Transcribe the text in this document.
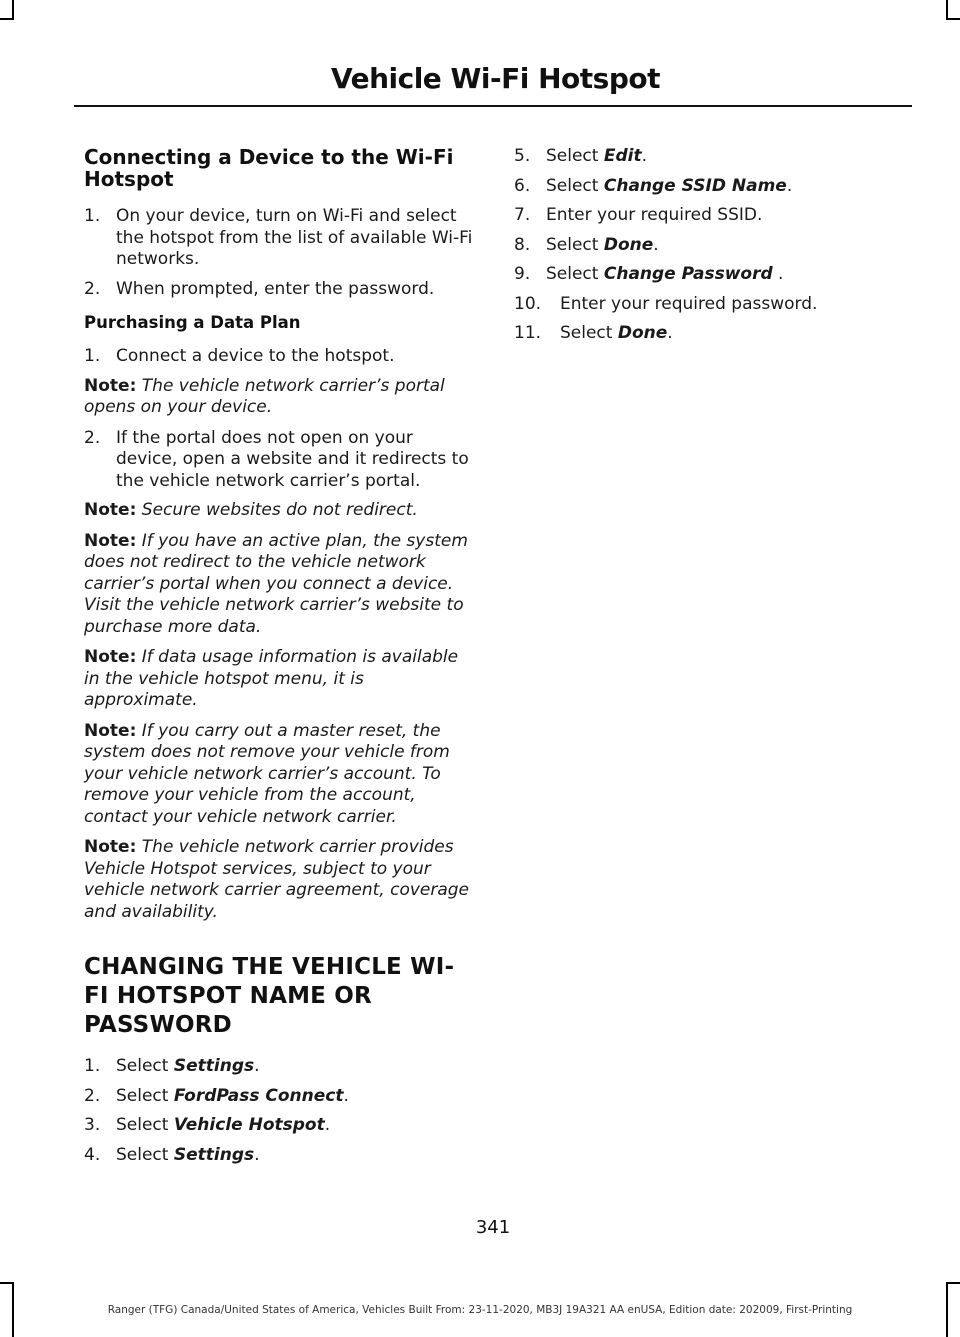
Vehicle Wi-Fi Hotspot
Connecting a Device to the Wi-Fi Hotspot
1. On your device, turn on Wi-Fi and select the hotspot from the list of available Wi-Fi networks.
2. When prompted, enter the password.
Purchasing a Data Plan
1. Connect a device to the hotspot.
Note: The vehicle network carrier’s portal opens on your device.
2. If the portal does not open on your device, open a website and it redirects to the vehicle network carrier’s portal.
Note: Secure websites do not redirect.
Note: If you have an active plan, the system does not redirect to the vehicle network carrier’s portal when you connect a device. Visit the vehicle network carrier’s website to purchase more data.
Note: If data usage information is available in the vehicle hotspot menu, it is approximate.
Note: If you carry out a master reset, the system does not remove your vehicle from your vehicle network carrier’s account. To remove your vehicle from the account, contact your vehicle network carrier.
Note: The vehicle network carrier provides Vehicle Hotspot services, subject to your vehicle network carrier agreement, coverage and availability.
CHANGING THE VEHICLE WI-
FI HOTSPOT NAME OR
PASSWORD
1. Select Settings.
2. Select FordPass Connect.
3. Select Vehicle Hotspot.
4. Select Settings.
5. Select Edit.
6. Select Change SSID Name.
7. Enter your required SSID.
8. Select Done.
9. Select Change Password .
10.	Enter your required password.
11.	Select Done.
341
Ranger (TFG) Canada/United States of America, Vehicles Built From: 23-11-2020, MB3J 19A321 AA enUSA, Edition date: 202009, First-Printing
